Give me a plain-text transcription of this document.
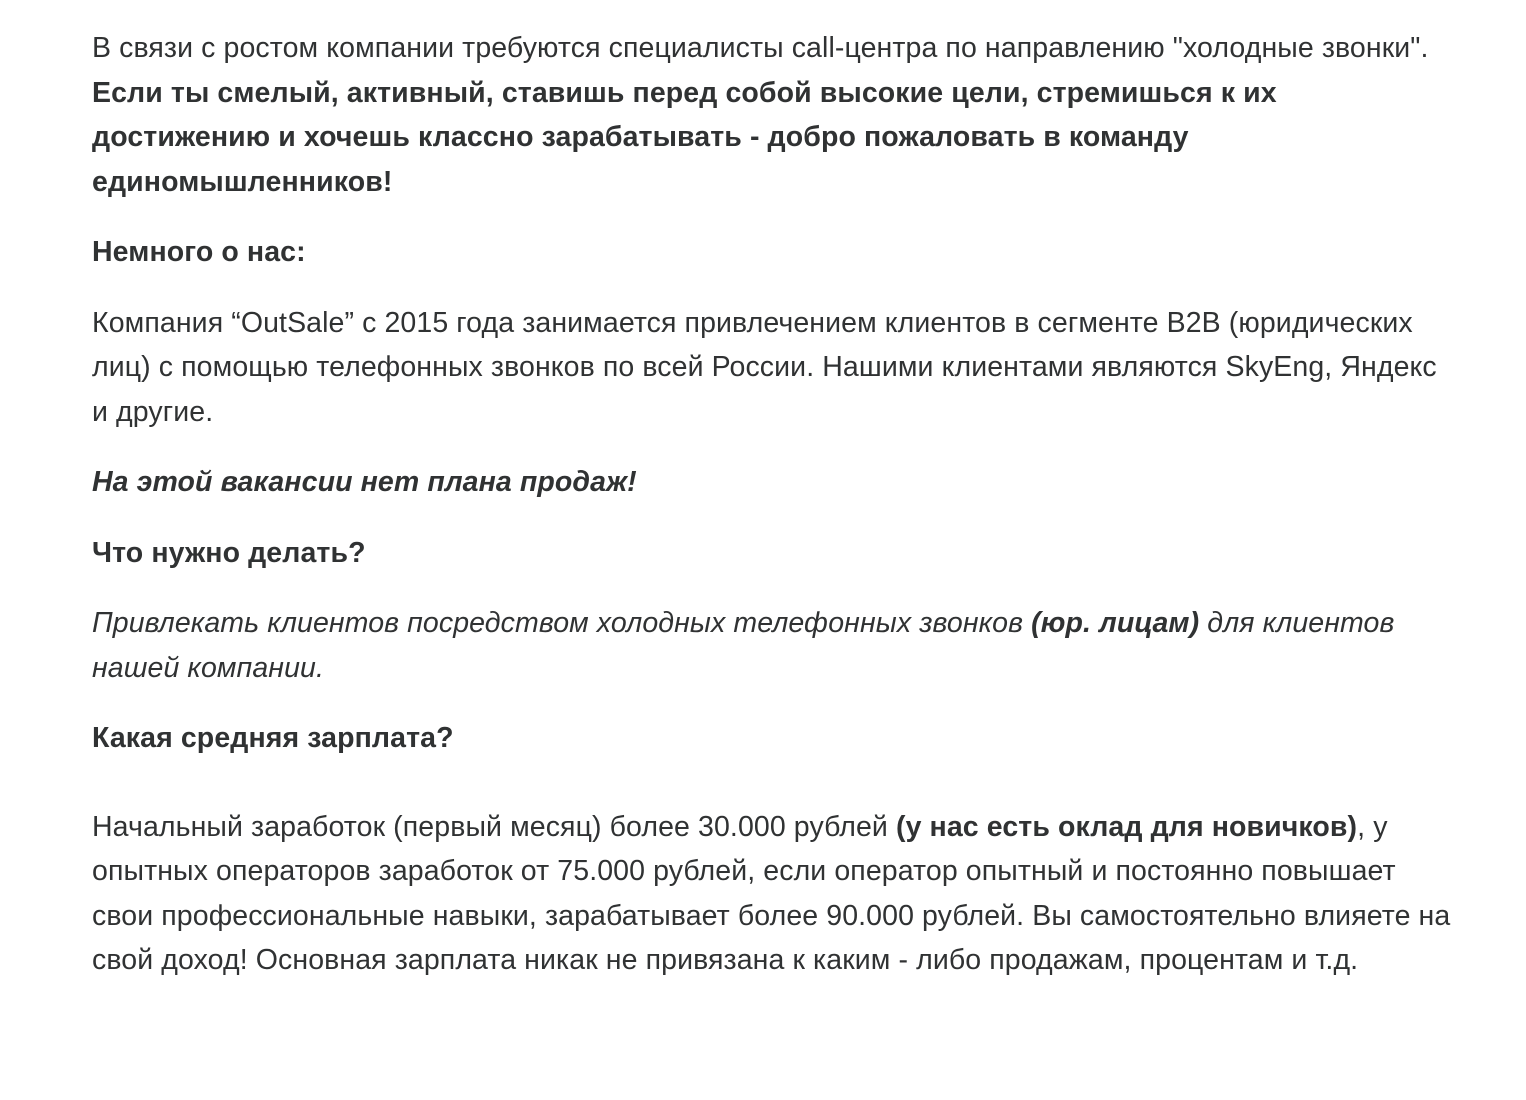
В связи с ростом компании требуются специалисты call-центра по направлению "холодные звонки".

Если ты смелый, активный, ставишь перед собой высокие цели, стремишься к их достижению и хочешь классно зарабатывать - добро пожаловать в команду единомышленников!

Немного о нас:

Компания “OutSale” с 2015 года занимается привлечением клиентов в сегменте B2B (юридических лиц) с помощью телефонных звонков по всей России. Нашими клиентами являются SkyEng, Яндекс и другие.

На этой вакансии нет плана продаж!

Что нужно делать?

Привлекать клиентов посредством холодных телефонных звонков (юр. лицам) для клиентов нашей компании.

Какая средняя зарплата?

Начальный заработок (первый месяц) более 30.000 рублей (у нас есть оклад для новичков), у опытных операторов заработок от 75.000 рублей, если оператор опытный и постоянно повышает свои профессиональные навыки, зарабатывает более 90.000 рублей. Вы самостоятельно влияете на свой доход! Основная зарплата никак не привязана к каким - либо продажам, процентам и т.д.
